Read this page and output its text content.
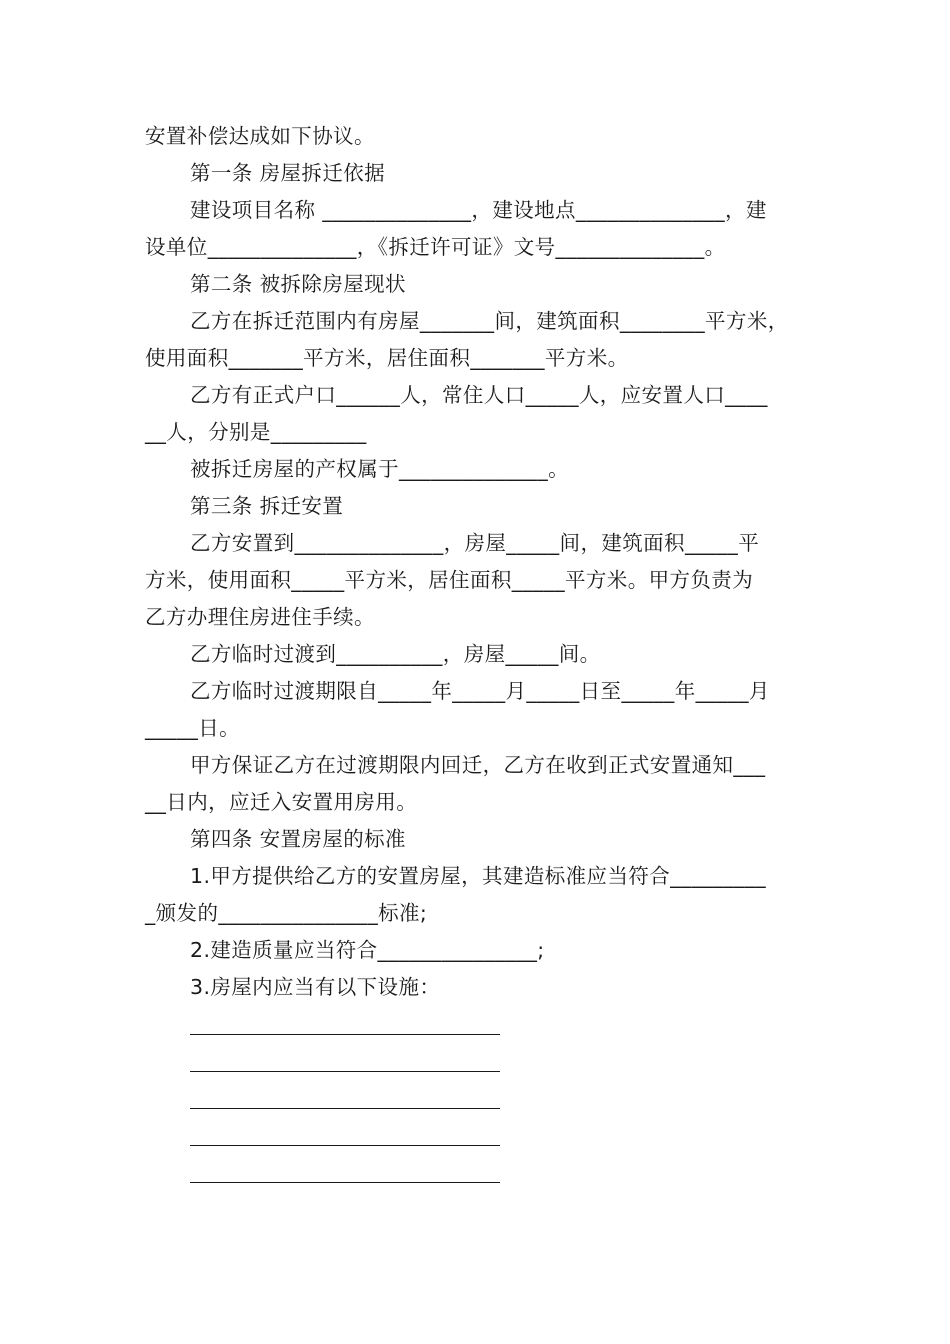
安置补偿达成如下协议。
第一条 房屋拆迁依据
建设项目名称 ______________，建设地点______________，建
设单位______________，《拆迁许可证》文号______________。
第二条 被拆除房屋现状
乙方在拆迁范围内有房屋_______间，建筑面积________平方米，
使用面积_______平方米，居住面积_______平方米。
乙方有正式户口______人，常住人口_____人，应安置人口____
__人，分别是_________
被拆迁房屋的产权属于______________。
第三条 拆迁安置
乙方安置到______________，房屋_____间，建筑面积_____平
方米，使用面积_____平方米，居住面积_____平方米。甲方负责为
乙方办理住房进住手续。
乙方临时过渡到__________，房屋_____间。
乙方临时过渡期限自_____年_____月_____日至_____年_____月
_____日。
甲方保证乙方在过渡期限内回迁，乙方在收到正式安置通知___
__日内，应迁入安置用房用。
第四条 安置房屋的标准
1.甲方提供给乙方的安置房屋，其建造标准应当符合_________
_颁发的_______________标准;
2.建造质量应当符合_______________;
3.房屋内应当有以下设施：
